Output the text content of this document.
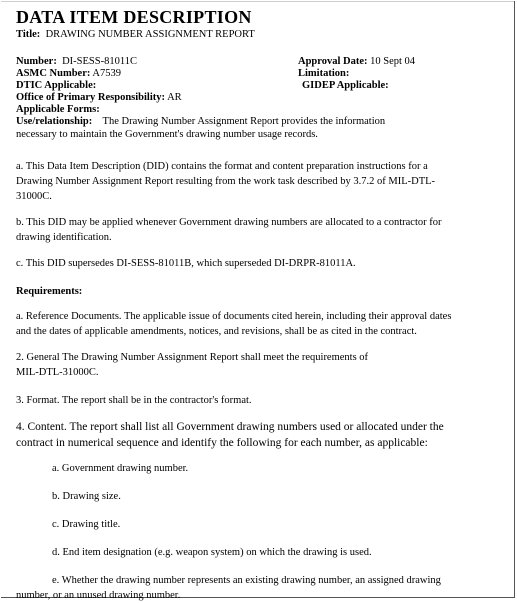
DATA ITEM DESCRIPTION
Title: DRAWING NUMBER ASSIGNMENT REPORT
Number: DI-SESS-81011C	Approval Date: 10 Sept 04
ASMC Number: A7539	Limitation:
DTIC Applicable:	GIDEP Applicable:
Office of Primary Responsibility: AR
Applicable Forms:
Use/relationship: The Drawing Number Assignment Report provides the information
necessary to maintain the Government's drawing number usage records.
a. This Data Item Description (DID) contains the format and content preparation instructions for a
Drawing Number Assignment Report resulting from the work task described by 3.7.2 of MIL-DTL-
31000C.
b. This DID may be applied whenever Government drawing numbers are allocated to a contractor for
drawing identification.
c. This DID supersedes DI-SESS-81011B, which superseded DI-DRPR-81011A.
Requirements:
a. Reference Documents. The applicable issue of documents cited herein, including their approval dates
and the dates of applicable amendments, notices, and revisions, shall be as cited in the contract.
2. General The Drawing Number Assignment Report shall meet the requirements of
MIL-DTL-31000C.
3. Format. The report shall be in the contractor's format.
4. Content. The report shall list all Government drawing numbers used or allocated under the
contract in numerical sequence and identify the following for each number, as applicable:
a. Government drawing number.
b. Drawing size.
c. Drawing title.
d. End item designation (e.g. weapon system) on which the drawing is used.
e. Whether the drawing number represents an existing drawing number, an assigned drawing
number, or an unused drawing number.
